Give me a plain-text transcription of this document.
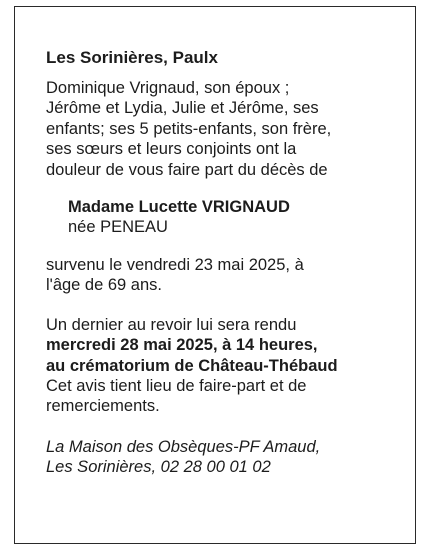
Les Sorinières, Paulx

Dominique Vrignaud, son époux ;
Jérôme et Lydia, Julie et Jérôme, ses
enfants; ses 5 petits-enfants, son frère,
ses sœurs et leurs conjoints ont la
douleur de vous faire part du décès de

Madame Lucette VRIGNAUD
née PENEAU

survenu le vendredi 23 mai 2025, à
l'âge de 69 ans.

Un dernier au revoir lui sera rendu
mercredi 28 mai 2025, à 14 heures,
au crématorium de Château-Thébaud
Cet avis tient lieu de faire-part et de
remerciements.

La Maison des Obsèques-PF Amaud,
Les Sorinières, 02 28 00 01 02
